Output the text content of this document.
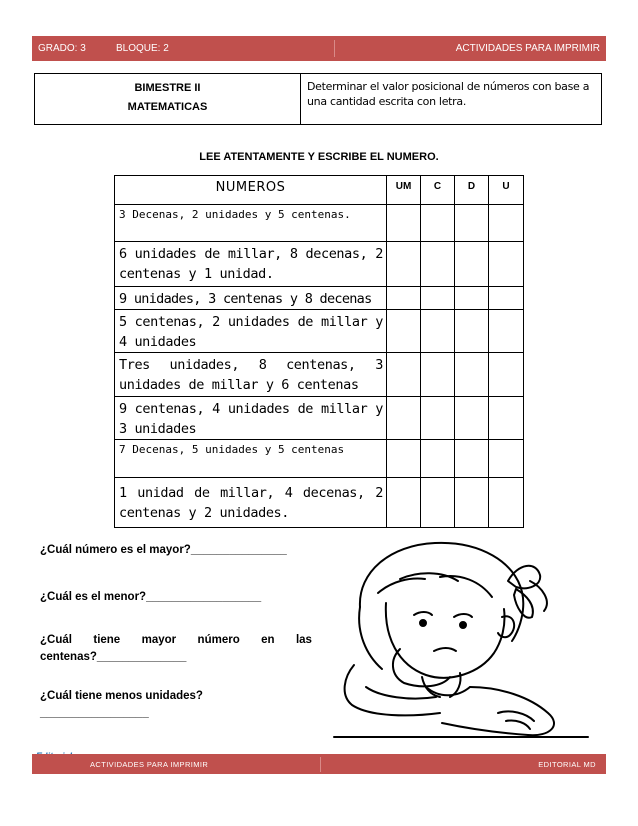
GRADO: 3	BLOQUE: 2	ACTIVIDADES PARA IMPRIMIR
BIMESTRE II
MATEMATICAS
Determinar el valor posicional de números con base a una cantidad escrita con letra.
LEE ATENTAMENTE Y ESCRIBE EL NUMERO.
NUMEROS	UM	C	D	U
3 Decenas, 2 unidades y 5 centenas.				
6 unidades de millar, 8 decenas, 2 centenas y 1 unidad.				
9 unidades, 3 centenas y 8 decenas				
5 centenas, 2 unidades de millar y 4 unidades				
Tres unidades, 8 centenas, 3 unidades de millar y 6 centenas				
9 centenas, 4 unidades de millar y 3 unidades				
7 Decenas, 5 unidades y 5 centenas				
1 unidad de millar, 4 decenas, 2 centenas y 2 unidades.				
¿Cuál número es el mayor?_______________
¿Cuál es el menor?__________________
¿Cuál tiene mayor número en las
centenas?______________
¿Cuál tiene menos unidades?
_________________
ACTIVIDADES PARA IMPRIMIR	EDITORIAL MD
